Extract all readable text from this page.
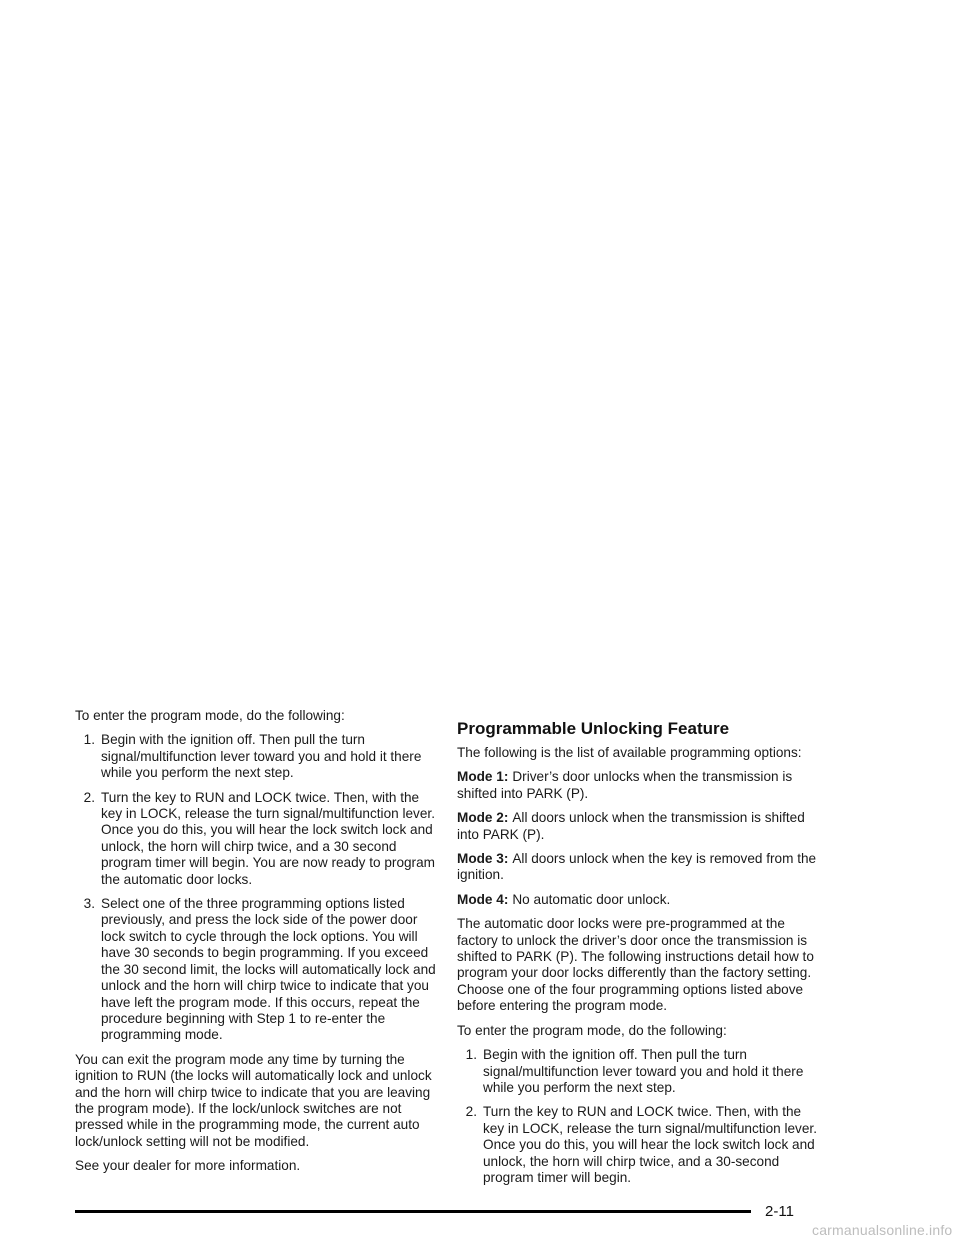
To enter the program mode, do the following:

1. Begin with the ignition off. Then pull the turn signal/multifunction lever toward you and hold it there while you perform the next step.
2. Turn the key to RUN and LOCK twice. Then, with the key in LOCK, release the turn signal/multifunction lever. Once you do this, you will hear the lock switch lock and unlock, the horn will chirp twice, and a 30 second program timer will begin. You are now ready to program the automatic door locks.
3. Select one of the three programming options listed previously, and press the lock side of the power door lock switch to cycle through the lock options. You will have 30 seconds to begin programming. If you exceed the 30 second limit, the locks will automatically lock and unlock and the horn will chirp twice to indicate that you have left the program mode. If this occurs, repeat the procedure beginning with Step 1 to re-enter the programming mode.

You can exit the program mode any time by turning the ignition to RUN (the locks will automatically lock and unlock and the horn will chirp twice to indicate that you are leaving the program mode). If the lock/unlock switches are not pressed while in the programming mode, the current auto lock/unlock setting will not be modified.

See your dealer for more information.

Programmable Unlocking Feature

The following is the list of available programming options:

Mode 1: Driver’s door unlocks when the transmission is shifted into PARK (P).

Mode 2: All doors unlock when the transmission is shifted into PARK (P).

Mode 3: All doors unlock when the key is removed from the ignition.

Mode 4: No automatic door unlock.

The automatic door locks were pre-programmed at the factory to unlock the driver’s door once the transmission is shifted to PARK (P). The following instructions detail how to program your door locks differently than the factory setting. Choose one of the four programming options listed above before entering the program mode.

To enter the program mode, do the following:

1. Begin with the ignition off. Then pull the turn signal/multifunction lever toward you and hold it there while you perform the next step.
2. Turn the key to RUN and LOCK twice. Then, with the key in LOCK, release the turn signal/multifunction lever. Once you do this, you will hear the lock switch lock and unlock, the horn will chirp twice, and a 30-second program timer will begin.
2-11
carmanualsonline.info
